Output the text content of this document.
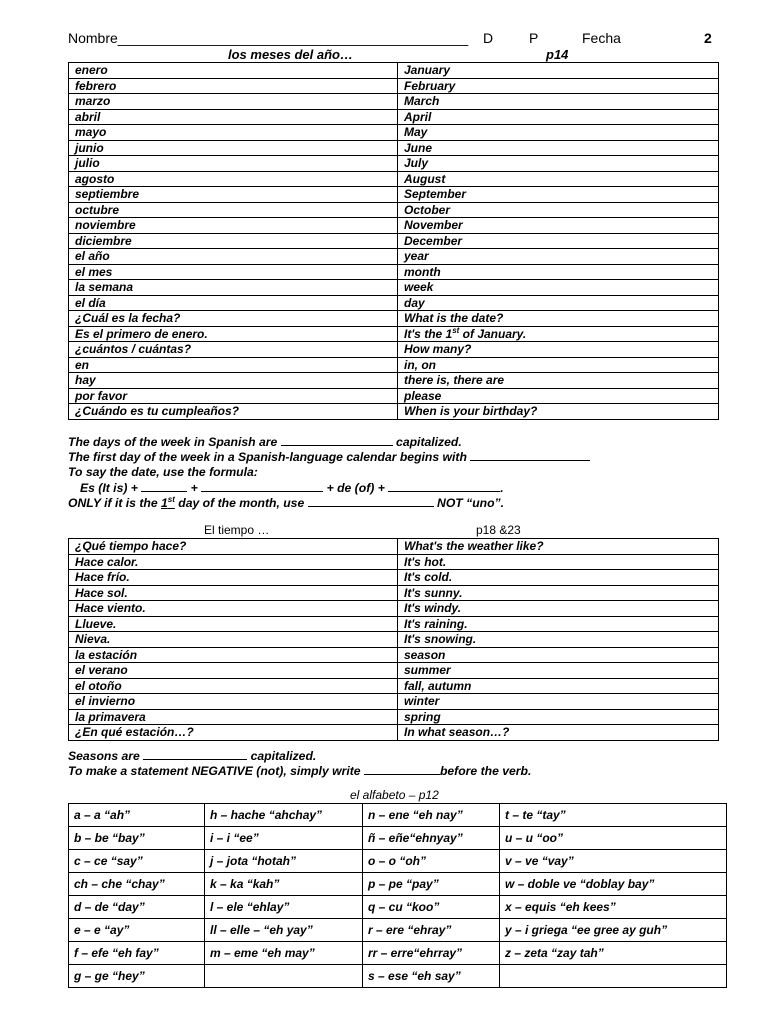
Nombre_____________________________________________ D	P	Fecha	2
los meses del año…	p14
enero	January
febrero	February
marzo	March
abril	April
mayo	May
junio	June
julio	July
agosto	August
septiembre	September
octubre	October
noviembre	November
diciembre	December
el año	year
el mes	month
la semana	week
el día	day
¿Cuál es la fecha?	What is the date?
Es el primero de enero.	It's the 1st of January.
¿cuántos / cuántas?	How many?
en	in, on
hay	there is, there are
por favor	please
¿Cuándo es tu cumpleaños?	When is your birthday?
The days of the week in Spanish are	capitalized.
The first day of the week in a Spanish-language calendar begins with
To say the date, use the formula:
Es (It is) +	+	+ de (of) +	.
ONLY if it is the 1st day of the month, use	NOT “uno”.
El tiempo …	p18 &23
¿Qué tiempo hace?	What's the weather like?
Hace calor.	It's hot.
Hace frío.	It's cold.
Hace sol.	It's sunny.
Hace viento.	It's windy.
Llueve.	It's raining.
Nieva.	It's snowing.
la estación	season
el verano	summer
el otoño	fall, autumn
el invierno	winter
la primavera	spring
¿En qué estación…?	In what season…?
Seasons are	capitalized.
To make a statement NEGATIVE (not), simply write	before the verb.
el alfabeto – p12
a – a “ah”	h – hache “ahchay”	n – ene “eh nay”	t – te “tay”
b – be “bay”	i – i “ee”	ñ – eñe“ehnyay”	u – u “oo”
c – ce “say”	j – jota “hotah”	o – o “oh”	v – ve “vay”
ch – che “chay”	k – ka “kah”	p – pe “pay”	w – doble ve “doblay bay”
d – de “day”	l – ele “ehlay”	q – cu “koo”	x – equis “eh kees”
e – e “ay”	ll – elle – “eh yay”	r – ere “ehray”	y – i griega “ee gree ay guh”
f – efe “eh fay”	m – eme “eh may”	rr – erre“ehrray”	z – zeta “zay tah”
g – ge “hey”		s – ese “eh say”	
